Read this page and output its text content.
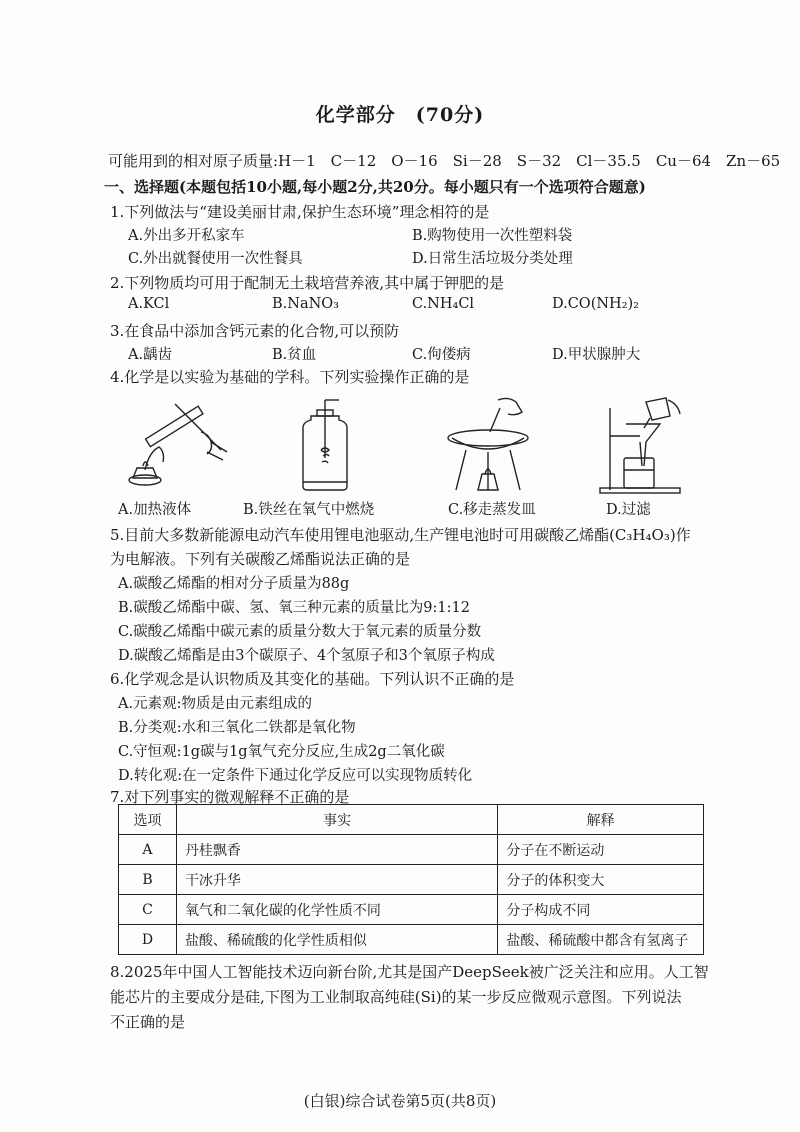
化学部分　(70分)
可能用到的相对原子质量:H－1　C－12　O－16　Si－28　S－32　Cl－35.5　Cu－64　Zn－65
一、选择题(本题包括10小题,每小题2分,共20分。每小题只有一个选项符合题意)
1.下列做法与“建设美丽甘肃,保护生态环境”理念相符的是
A.外出多开私家车	B.购物使用一次性塑料袋
C.外出就餐使用一次性餐具	D.日常生活垃圾分类处理
2.下列物质均可用于配制无土栽培营养液,其中属于钾肥的是
A.KCl	B.NaNO₃	C.NH₄Cl	D.CO(NH₂)₂
3.在食品中添加含钙元素的化合物,可以预防
A.龋齿	B.贫血	C.佝偻病	D.甲状腺肿大
4.化学是以实验为基础的学科。下列实验操作正确的是
A.加热液体	B.铁丝在氧气中燃烧	C.移走蒸发皿	D.过滤
5.目前大多数新能源电动汽车使用锂电池驱动,生产锂电池时可用碳酸乙烯酯(C₃H₄O₃)作
为电解液。下列有关碳酸乙烯酯说法正确的是
A.碳酸乙烯酯的相对分子质量为88g
B.碳酸乙烯酯中碳、氢、氧三种元素的质量比为9:1:12
C.碳酸乙烯酯中碳元素的质量分数大于氧元素的质量分数
D.碳酸乙烯酯是由3个碳原子、4个氢原子和3个氧原子构成
6.化学观念是认识物质及其变化的基础。下列认识不正确的是
A.元素观:物质是由元素组成的
B.分类观:水和三氧化二铁都是氧化物
C.守恒观:1g碳与1g氧气充分反应,生成2g二氧化碳
D.转化观:在一定条件下通过化学反应可以实现物质转化
7.对下列事实的微观解释不正确的是
选项	事实	解释
A	丹桂飘香	分子在不断运动
B	干冰升华	分子的体积变大
C	氧气和二氧化碳的化学性质不同	分子构成不同
D	盐酸、稀硫酸的化学性质相似	盐酸、稀硫酸中都含有氢离子
8.2025年中国人工智能技术迈向新台阶,尤其是国产DeepSeek被广泛关注和应用。人工智
能芯片的主要成分是硅,下图为工业制取高纯硅(Si)的某一步反应微观示意图。下列说法
不正确的是
(白银)综合试卷第5页(共8页)
